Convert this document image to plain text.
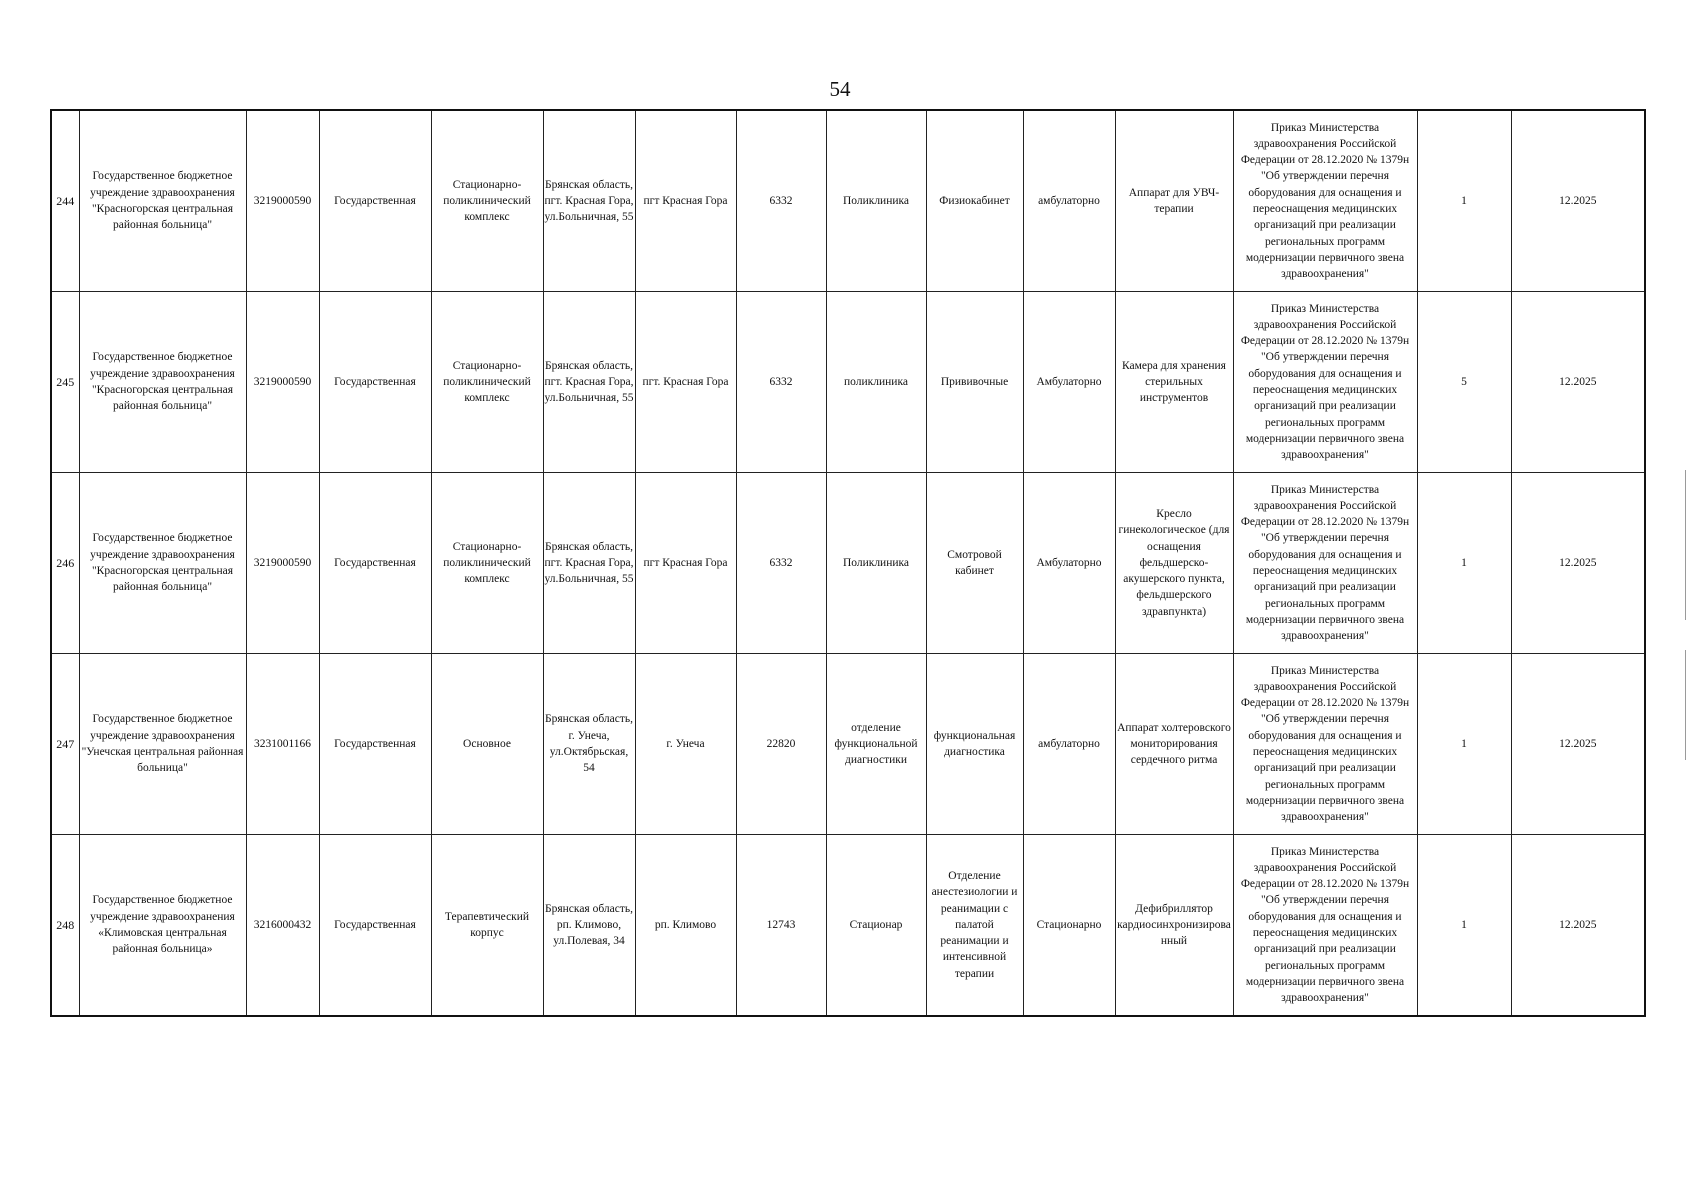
54
244	Государственное бюджетное учреждение здравоохранения "Красногорская центральная районная больница"	3219000590	Государственная	Стационарно-поликлинический комплекс	Брянская область, пгт. Красная Гора, ул.Больничная, 55	пгт Красная Гора	6332	Поликлиника	Физиокабинет	амбулаторно	Аппарат для УВЧ-терапии	Приказ Министерства здравоохранения Российской Федерации от 28.12.2020 № 1379н "Об утверждении перечня оборудования для оснащения и переоснащения медицинских организаций при реализации региональных программ модернизации первичного звена здравоохранения"	1	12.2025
245	Государственное бюджетное учреждение здравоохранения "Красногорская центральная районная больница"	3219000590	Государственная	Стационарно-поликлинический комплекс	Брянская область, пгт. Красная Гора, ул.Больничная, 55	пгт. Красная Гора	6332	поликлиника	Прививочные	Амбулаторно	Камера для хранения стерильных инструментов	Приказ Министерства здравоохранения Российской Федерации от 28.12.2020 № 1379н "Об утверждении перечня оборудования для оснащения и переоснащения медицинских организаций при реализации региональных программ модернизации первичного звена здравоохранения"	5	12.2025
246	Государственное бюджетное учреждение здравоохранения "Красногорская центральная районная больница"	3219000590	Государственная	Стационарно-поликлинический комплекс	Брянская область, пгт. Красная Гора, ул.Больничная, 55	пгт Красная Гора	6332	Поликлиника	Смотровой кабинет	Амбулаторно	Кресло гинекологическое (для оснащения фельдшерско-акушерского пункта, фельдшерского здравпункта)	Приказ Министерства здравоохранения Российской Федерации от 28.12.2020 № 1379н "Об утверждении перечня оборудования для оснащения и переоснащения медицинских организаций при реализации региональных программ модернизации первичного звена здравоохранения"	1	12.2025
247	Государственное бюджетное учреждение здравоохранения "Унечская центральная районная больница"	3231001166	Государственная	Основное	Брянская область, г. Унеча, ул.Октябрьская, 54	г. Унеча	22820	отделение функциональной диагностики	функциональная диагностика	амбулаторно	Аппарат холтеровского мониторирования сердечного ритма	Приказ Министерства здравоохранения Российской Федерации от 28.12.2020 № 1379н "Об утверждении перечня оборудования для оснащения и переоснащения медицинских организаций при реализации региональных программ модернизации первичного звена здравоохранения"	1	12.2025
248	Государственное бюджетное учреждение здравоохранения «Климовская центральная районная больница»	3216000432	Государственная	Терапевтический корпус	Брянская область, рп. Климово, ул.Полевая, 34	рп. Климово	12743	Стационар	Отделение анестезиологии и реанимации с палатой реанимации и интенсивной терапии	Стационарно	Дефибриллятор кардиосинхронизированный	Приказ Министерства здравоохранения Российской Федерации от 28.12.2020 № 1379н "Об утверждении перечня оборудования для оснащения и переоснащения медицинских организаций при реализации региональных программ модернизации первичного звена здравоохранения"	1	12.2025
